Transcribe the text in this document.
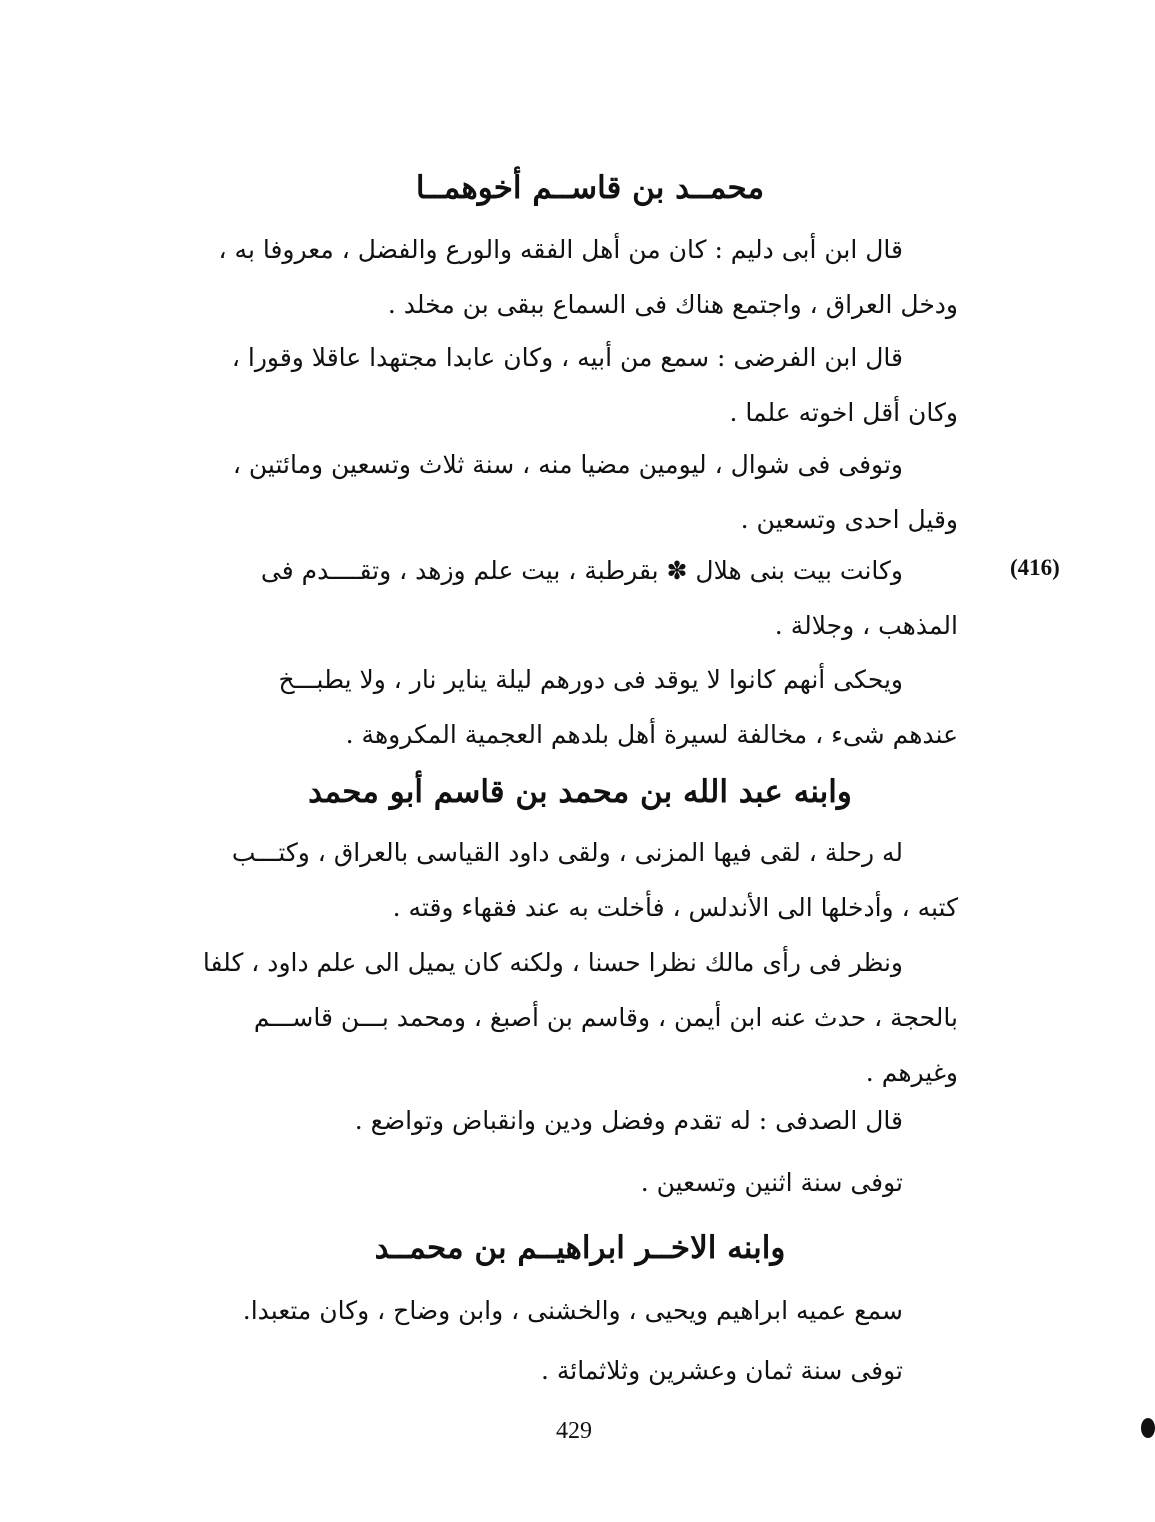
محمــد بن قاســم أخوهمــا
قال ابن أبى دليم : كان من أهل الفقه والورع والفضل ، معروفا به ،
ودخل العراق ، واجتمع هناك فى السماع ببقى بن مخلد .
قال ابن الفرضى : سمع من أبيه ، وكان عابدا مجتهدا عاقلا وقورا ،
وكان أقل اخوته علما .
وتوفى فى شوال ، ليومين مضيا منه ، سنة ثلاث وتسعين ومائتين ،
وقيل احدى وتسعين .
(416)
وكانت بيت بنى هلال ✽ بقرطبة ، بيت علم وزهد ، وتقــــدم فى
المذهب ، وجلالة .
ويحكى أنهم كانوا لا يوقد فى دورهم ليلة يناير نار ، ولا يطبـــخ
عندهم شىء ، مخالفة لسيرة أهل بلدهم العجمية المكروهة .
وابنه عبد الله بن محمد بن قاسم أبو محمد
له رحلة ، لقى فيها المزنى ، ولقى داود القياسى بالعراق ، وكتـــب
كتبه ، وأدخلها الى الأندلس ، فأخلت به عند فقهاء وقته .
ونظر فى رأى مالك نظرا حسنا ، ولكنه كان يميل الى علم داود ، كلفا
بالحجة ، حدث عنه ابن أيمن ، وقاسم بن أصبغ ، ومحمد بـــن قاســـم
وغيرهم .
قال الصدفى : له تقدم وفضل ودين وانقباض وتواضع .
توفى سنة اثنين وتسعين .
وابنه الاخــر ابراهيــم بن محمــد
سمع عميه ابراهيم ويحيى ، والخشنى ، وابن وضاح ، وكان متعبدا.
توفى سنة ثمان وعشرين وثلاثمائة .
429
